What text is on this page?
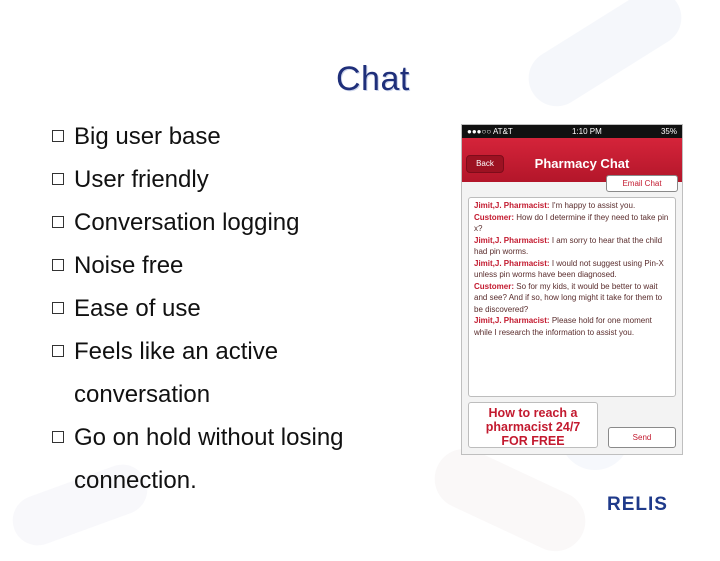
Chat
Big user base
User friendly
Conversation logging
Noise free
Ease of use
Feels like an active
conversation
Go on hold without losing
connection.
●●●○○ AT&T	1:10 PM	35%
Back	Pharmacy Chat
Email Chat
Jimit,J. Pharmacist: I'm happy to assist you.
Customer: How do I determine if they need to take pin x?
Jimit,J. Pharmacist: I am sorry to hear that the child had pin worms.
Jimit,J. Pharmacist: I would not suggest using Pin-X unless pin worms have been diagnosed.
Customer: So for my kids, it would be better to wait and see? And if so, how long might it take for them to be discovered?
Jimit,J. Pharmacist: Please hold for one moment while I research the information to assist you.
How to reach a
pharmacist 24/7
FOR FREE	Send
RELIS
